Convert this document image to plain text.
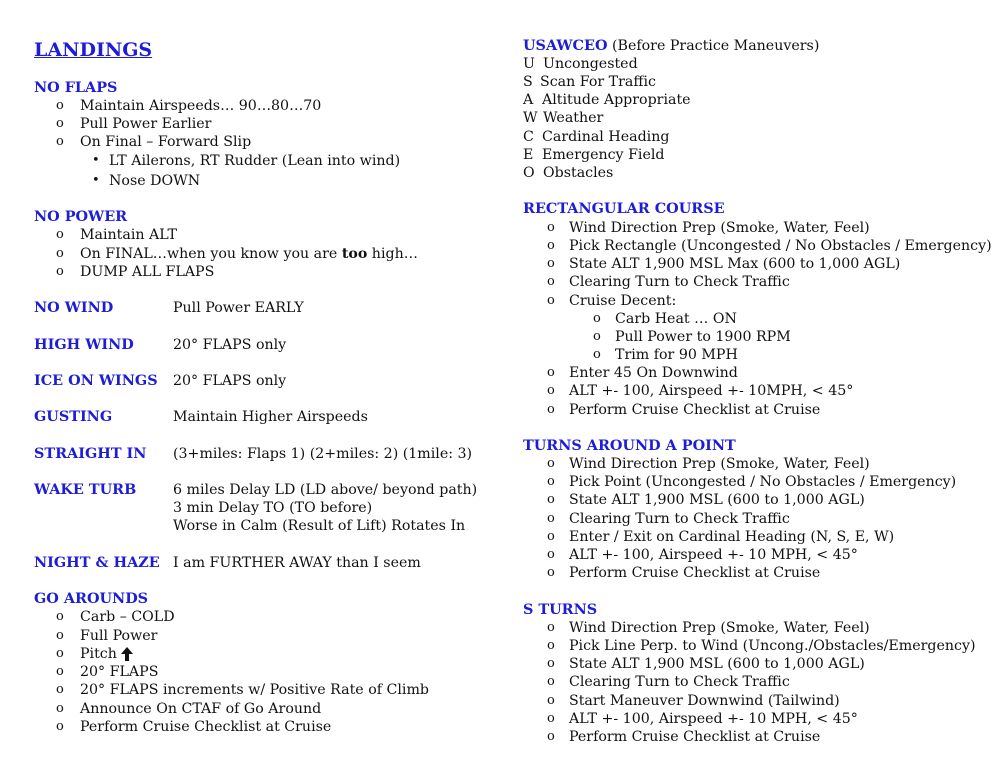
LANDINGS
NO FLAPS
o	Maintain Airspeeds… 90…80…70
o	Pull Power Earlier
o	On Final – Forward Slip
• LT Ailerons, RT Rudder (Lean into wind)
• Nose DOWN
NO POWER
o	Maintain ALT
o	On FINAL…when you know you are too high…
o	DUMP ALL FLAPS
NO WIND	Pull Power EARLY
HIGH WIND	20° FLAPS only
ICE ON WINGS 20° FLAPS only
GUSTING	Maintain Higher Airspeeds
STRAIGHT IN (3+miles: Flaps 1) (2+miles: 2) (1mile: 3)
WAKE TURB	6 miles Delay LD (LD above/ beyond path)
3 min Delay TO (TO before)
Worse in Calm (Result of Lift) Rotates In
NIGHT & HAZE I am FURTHER AWAY than I seem
GO AROUNDS
o	Carb – COLD
o	Full Power
o	Pitch
o	20° FLAPS
o	20° FLAPS increments w/ Positive Rate of Climb
o	Announce On CTAF of Go Around
o	Perform Cruise Checklist at Cruise
USAWCEO (Before Practice Maneuvers)
U Uncongested
S Scan For Traffic
A Altitude Appropriate
W Weather
C Cardinal Heading
E Emergency Field
O Obstacles
RECTANGULAR COURSE
o Wind Direction Prep (Smoke, Water, Feel)
o Pick Rectangle (Uncongested / No Obstacles / Emergency)
o State ALT 1,900 MSL Max (600 to 1,000 AGL)
o Clearing Turn to Check Traffic
o Cruise Decent:
o Carb Heat … ON
o Pull Power to 1900 RPM
o Trim for 90 MPH
o Enter 45 On Downwind
o ALT +- 100, Airspeed +- 10MPH, < 45°
o Perform Cruise Checklist at Cruise
TURNS AROUND A POINT
o Wind Direction Prep (Smoke, Water, Feel)
o Pick Point (Uncongested / No Obstacles / Emergency)
o State ALT 1,900 MSL (600 to 1,000 AGL)
o Clearing Turn to Check Traffic
o Enter / Exit on Cardinal Heading (N, S, E, W)
o ALT +- 100, Airspeed +- 10 MPH, < 45°
o Perform Cruise Checklist at Cruise
S TURNS
o Wind Direction Prep (Smoke, Water, Feel)
o Pick Line Perp. to Wind (Uncong./Obstacles/Emergency)
o State ALT 1,900 MSL (600 to 1,000 AGL)
o Clearing Turn to Check Traffic
o Start Maneuver Downwind (Tailwind)
o ALT +- 100, Airspeed +- 10 MPH, < 45°
o Perform Cruise Checklist at Cruise
